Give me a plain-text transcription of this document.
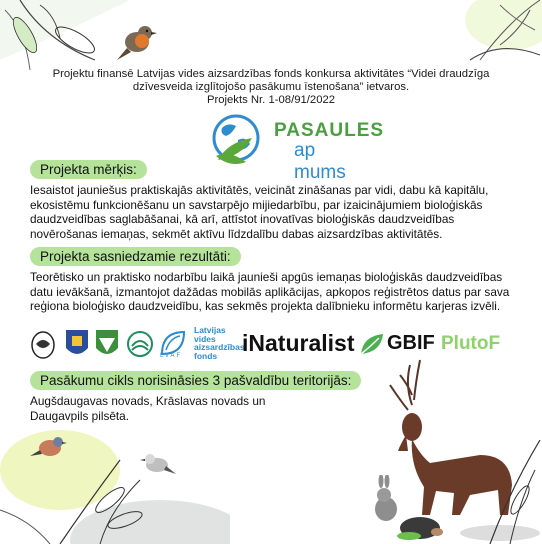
Projektu finansē Latvijas vides aizsardzības fonds konkursa aktivitātes “Videi draudzīga
dzīvesveida izglītojošo pasākumu īstenošana” ietvaros.
Projekts Nr. 1-08/91/2022
PASAULES
ap mums
Projekta mērķis:
Iesaistot jauniešus praktiskajās aktivitātēs, veicināt zināšanas par vidi, dabu kā kapitālu, ekosistēmu funkcionēšanu un savstarpējo mijiedarbību, par izaicinājumiem bioloģiskās daudzveidības saglabāšanai, kā arī, attīstot inovatīvas bioloģiskās daudzveidības novērošanas iemaņas, sekmēt aktīvu līdzdalību dabas aizsardzības aktivitātēs.
Projekta sasniedzamie rezultāti:
Teorētisko un praktisko nodarbību laikā jaunieši apgūs iemaņas bioloģiskās daudzveidības datu ievākšanā, izmantojot dažādas mobilās aplikācijas, apkopos reģistrētos datus par sava reģiona bioloģisko daudzveidību, kas sekmēs projekta dalībnieku informētu karjeras izvēli.
LVAF
Latvijas
vides
aizsardzības
fonds	iNaturalist GBIF PlutoF
Pasākumu cikls norisināsies 3 pašvaldību teritorijās:
Augšdaugavas novads, Krāslavas novads un
Daugavpils pilsēta.
